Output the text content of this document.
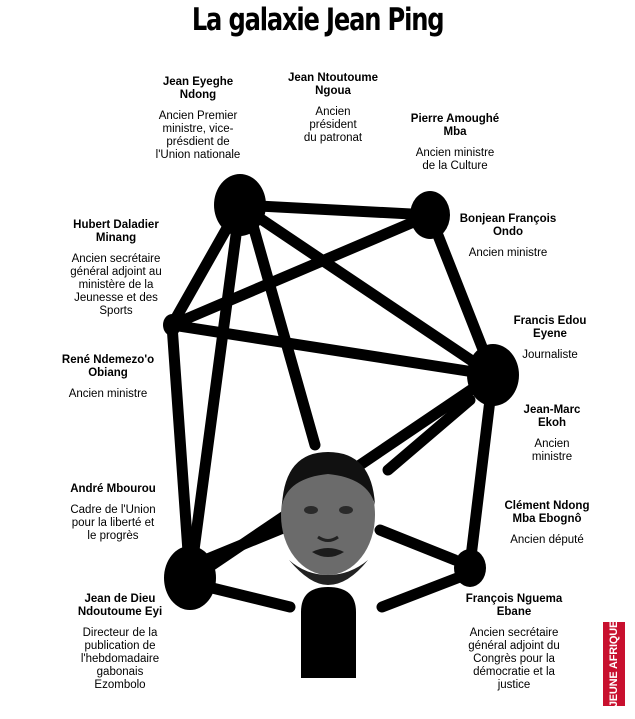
La galaxie Jean Ping
Jean Eyeghe Ndong
Ancien Premier ministre, vice-présdient de l'Union nationale
Jean Ntoutoume Ngoua
Ancien président du patronat
Pierre Amoughé Mba
Ancien ministre de la Culture
Bonjean François Ondo
Ancien ministre
Hubert Daladier Minang
Ancien secrétaire général adjoint au ministère de la Jeunesse et des Sports
Francis Edou Eyene
Journaliste
René Ndemezo'o Obiang
Ancien ministre
Jean-Marc Ekoh
Ancien ministre
André Mbourou
Cadre de l'Union pour la liberté et le progrès
Clément Ndong Mba Ebognô
Ancien député
Jean de Dieu Ndoutoume Eyi
Directeur de la publication de l'hebdomadaire gabonais Ezombolo
François Nguema Ebane
Ancien secrétaire général adjoint du Congrès pour la démocratie et la justice	JEUNE AFRIQUE
